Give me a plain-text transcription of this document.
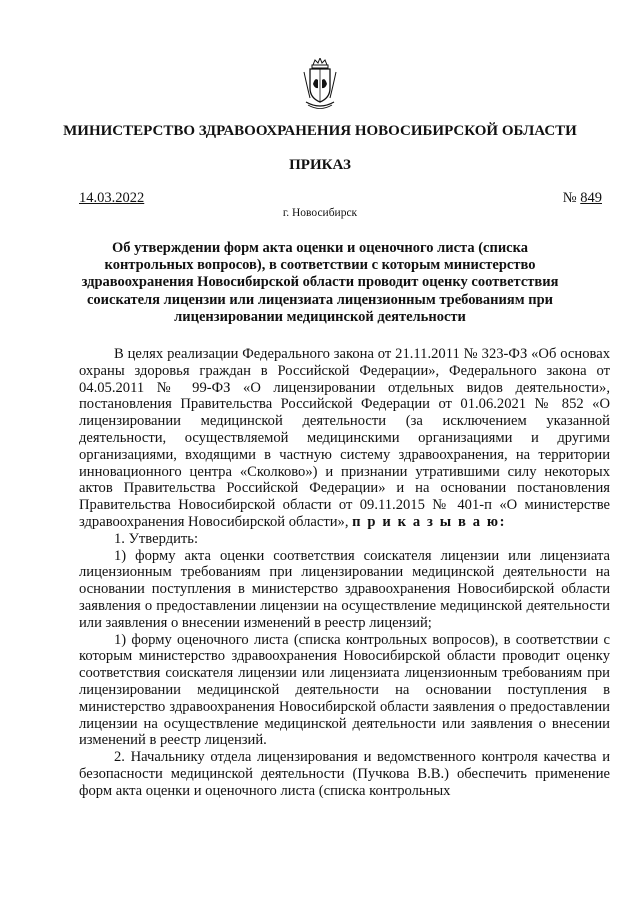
МИНИСТЕРСТВО ЗДРАВООХРАНЕНИЯ НОВОСИБИРСКОЙ ОБЛАСТИ
ПРИКАЗ
14.03.2022	№ 849
г. Новосибирск
Об утверждении форм акта оценки и оценочного листа (списка контрольных вопросов), в соответствии с которым министерство здравоохранения Новосибирской области проводит оценку соответствия соискателя лицензии или лицензиата лицензионным требованиям при лицензировании медицинской деятельности

В целях реализации Федерального закона от 21.11.2011 № 323-ФЗ «Об основах охраны здоровья граждан в Российской Федерации», Федерального закона от 04.05.2011 № 99-ФЗ «О лицензировании отдельных видов деятельности», постановления Правительства Российской Федерации от 01.06.2021 № 852 «О лицензировании медицинской деятельности (за исключением указанной деятельности, осуществляемой медицинскими организациями и другими организациями, входящими в частную систему здравоохранения, на территории инновационного центра «Сколково») и признании утратившими силу некоторых актов Правительства Российской Федерации» и на основании постановления Правительства Новосибирской области от 09.11.2015 № 401-п «О министерстве здравоохранения Новосибирской области», п р и к а з ы в а ю:

1. Утвердить:

1) форму акта оценки соответствия соискателя лицензии или лицензиата лицензионным требованиям при лицензировании медицинской деятельности на основании поступления в министерство здравоохранения Новосибирской области заявления о предоставлении лицензии на осуществление медицинской деятельности или заявления о внесении изменений в реестр лицензий;

1) форму оценочного листа (списка контрольных вопросов), в соответствии с которым министерство здравоохранения Новосибирской области проводит оценку соответствия соискателя лицензии или лицензиата лицензионным требованиям при лицензировании медицинской деятельности на основании поступления в министерство здравоохранения Новосибирской области заявления о предоставлении лицензии на осуществление медицинской деятельности или заявления о внесении изменений в реестр лицензий.

2. Начальнику отдела лицензирования и ведомственного контроля качества и безопасности медицинской деятельности (Пучкова В.В.) обеспечить применение форм акта оценки и оценочного листа (списка контрольных
